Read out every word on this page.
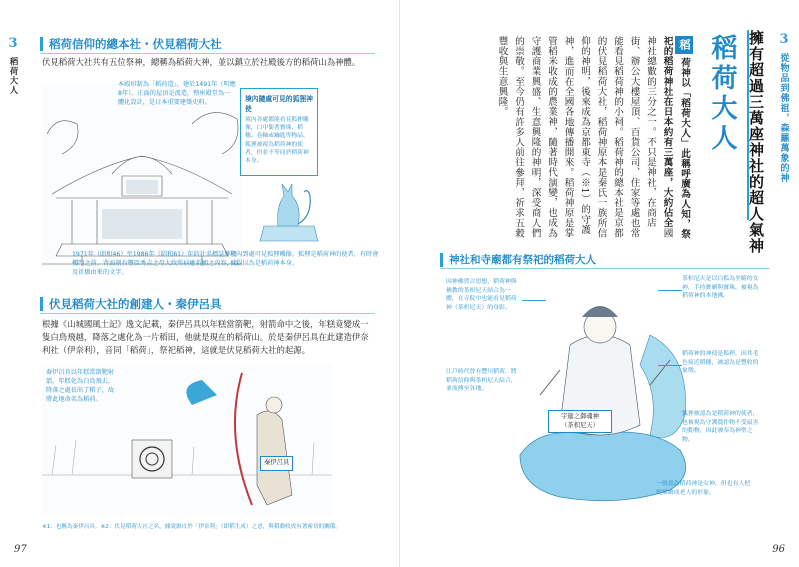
3
稻荷大人
稻荷信仰的總本社・伏見稻荷大社
伏見稻荷大社共有五位祭神，總稱為稻荷大神，並以鎮立於社殿後方的稻荷山為神體。
本殿形制為「稻荷造」，建於1491年（明應8年）。正面的屋頂是流造，整座殿堂為一體化設計，是日本重要建築史料。
1971年（昭和46）至1986年（昭和61）年的社名標誌牌於樓門之前。背面刻有豐臣秀吉之母大政所病癒祈願之內容，以及祈願由來的文字。
境內隨處可見的狐狸神使
境內各處都能看見狐狸雕像，口中銜著寶珠、稻穗、卷軸或鑰匙等物品。狐狸被視為稻荷神的使者，但並不等同於稻荷神本身。
境內到處可見狐狸雕像。狐狸是稻荷神的使者，有時會被誤以為是稻荷神本身。
伏見稻荷大社的創建人・秦伊呂具
根據《山城國風土記》逸文記載，秦伊呂具以年糕當箭靶，射箭命中之後，年糕竟變成一隻白鳥飛越，降落之處化為一片稻田，他就是現在的稻荷山。於是秦伊呂具在此建造伊奈利社（伊奈利），音同「稻荷」，祭祀稻神，這就是伏見稻荷大社的起源。
秦伊呂具以年糕當箭靶射箭，年糕化為白鳥飛去，降落之處長出了稻子，故將此地命名為稻荷。
秦伊呂具
※1：也稱為秦伊呂具。※2：伏見稻荷大社之名，據說源自於「伊奈利」（即稻生成）之意，與稻穀收成有著密切的關係。
97
3
從物品到佛祖，森羅萬象的神
擁有超過三萬座神社的超人氣神
稻荷大人
稻荷神以「稻荷大人」此稱呼廣為人知，祭祀的稻荷神社在日本約有三萬座，大約佔全國神社總數的三分之一。不只是神社，在商店街、辦公大樓屋頂、百貨公司、住家等處也常能看見稻荷神的小祠。稻荷神的總本社是京都的伏見稻荷大社，稻荷神原本是秦氏一族所信仰的神明，後來成為京都東寺（※1）的守護神，進而在全國各地傳播開來。稻荷神原是掌管稻米收成的農業神，隨著時代演變，也成為守護商業興盛、生意興隆的神明，深受商人們的崇敬。至今仍有許多人前往參拜，祈求五穀豐收與生意興隆。
神社和寺廟都有祭祀的稻荷大人
因神佛習合思想，稻荷神與佛教的茶枳尼天結合為一體，在寺院中也能看見稻荷神（茶枳尼天）的身影。
江戶時代曾有豐川稻荷，將稻荷信仰與茶枳尼天結合，並流傳至各地。
茶枳尼天是以白狐為坐騎的女神，手持寶劍與寶珠，被視為稻荷神的本地佛。
稻荷神的神使是狐狸，因其毛色接近稻穗，被認為是豐收的象徵。
狐狸被認為是稻荷神的使者，也被視為守護農作物不受鼠害的動物，因此被奉為神聖之物。
一般認為稻荷神是女神，但也有人把她描繪成老人的形象。
宇迦之御魂神
（茶枳尼天）
96
